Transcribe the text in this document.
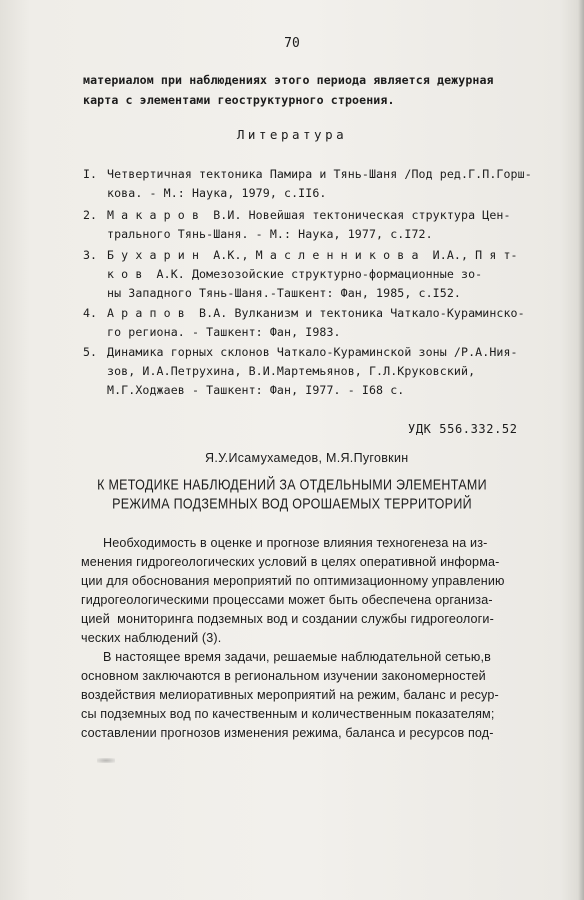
70
материалом при наблюдениях этого периода является дежурная
карта с элементами геоструктурного строения.
Литература
I. Четвертичная тектоника Памира и Тянь-Шаня /Под ред.Г.П.Горш-
кова. - М.: Наука, 1979, с.II6.
2. М а к а р о в  В.И. Новейшая тектоническая структура Цен-
трального Тянь-Шаня. - М.: Наука, 1977, с.I72.
3. Б у х а р и н  А.К., М а с л е н н и к о в а  И.А., П я т-
к о в  А.К. Домезозойские структурно-формационные зо-
ны Западного Тянь-Шаня.-Ташкент: Фан, 1985, с.I52.
4. А р а п о в  В.А. Вулканизм и тектоника Чаткало-Кураминско-
го региона. - Ташкент: Фан, I983.
5. Динамика горных склонов Чаткало-Кураминской зоны /Р.А.Ния-
зов, И.А.Петрухина, В.И.Мартемьянов, Г.Л.Круковский,
М.Г.Ходжаев - Ташкент: Фан, I977. - I68 с.
УДК 556.332.52
Я.У.Исамухамедов, М.Я.Пуговкин
К МЕТОДИКЕ НАБЛЮДЕНИЙ ЗА ОТДЕЛЬНЫМИ ЭЛЕМЕНТАМИ
РЕЖИМА ПОДЗЕМНЫХ ВОД ОРОШАЕМЫХ ТЕРРИТОРИЙ
Необходимость в оценке и прогнозе влияния техногенеза на из-
менения гидрогеологических условий в целях оперативной информа-
ции для обоснования мероприятий по оптимизационному управлению
гидрогеологическими процессами может быть обеспечена организа-
цией  мониторинга подземных вод и создании службы гидрогеологи-
ческих наблюдений (3).
В настоящее время задачи, решаемые наблюдательной сетью,в
основном заключаются в региональном изучении закономерностей
воздействия мелиоративных мероприятий на режим, баланс и ресур-
сы подземных вод по качественным и количественным показателям;
составлении прогнозов изменения режима, баланса и ресурсов под-
